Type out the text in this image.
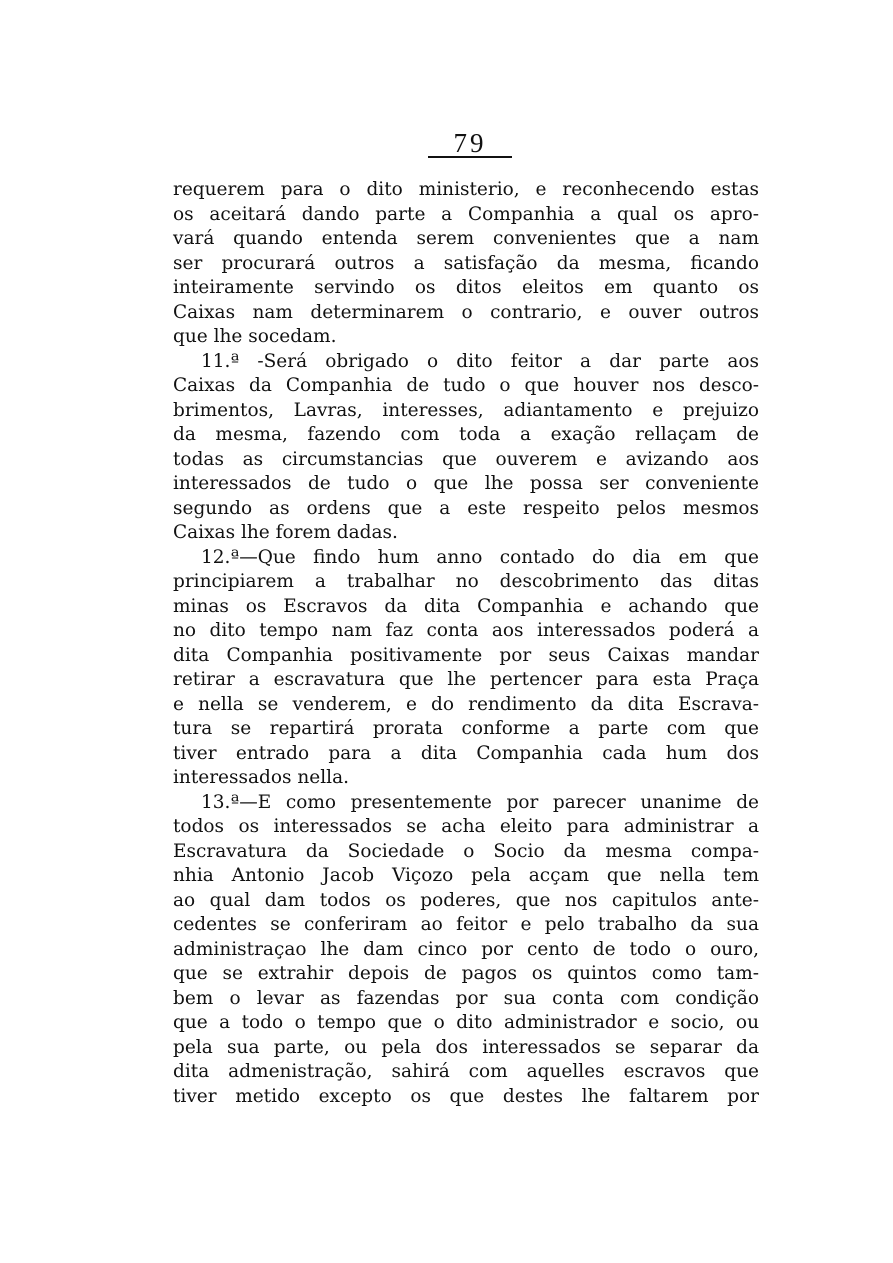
79
requerem para o dito ministerio, e reconhecendo estas
os aceitará dando parte a Companhia a qual os apro-
vará quando entenda serem convenientes que a nam
ser procurará outros a satisfação da mesma, ficando
inteiramente servindo os ditos eleitos em quanto os
Caixas nam determinarem o contrario, e ouver outros
que lhe socedam.
11.ª -Será obrigado o dito feitor a dar parte aos
Caixas da Companhia de tudo o que houver nos desco-
brimentos, Lavras, interesses, adiantamento e prejuizo
da mesma, fazendo com toda a exação rellaçam de
todas as circumstancias que ouverem e avizando aos
interessados de tudo o que lhe possa ser conveniente
segundo as ordens que a este respeito pelos mesmos
Caixas lhe forem dadas.
12.ª—Que findo hum anno contado do dia em que
principiarem a trabalhar no descobrimento das ditas
minas os Escravos da dita Companhia e achando que
no dito tempo nam faz conta aos interessados poderá a
dita Companhia positivamente por seus Caixas mandar
retirar a escravatura que lhe pertencer para esta Praça
e nella se venderem, e do rendimento da dita Escrava-
tura se repartirá prorata conforme a parte com que
tiver entrado para a dita Companhia cada hum dos
interessados nella.
13.ª—E como presentemente por parecer unanime de
todos os interessados se acha eleito para administrar a
Escravatura da Sociedade o Socio da mesma compa-
nhia Antonio Jacob Viçozo pela acçam que nella tem
ao qual dam todos os poderes, que nos capitulos ante-
cedentes se conferiram ao feitor e pelo trabalho da sua
administraçao lhe dam cinco por cento de todo o ouro,
que se extrahir depois de pagos os quintos como tam-
bem o levar as fazendas por sua conta com condição
que a todo o tempo que o dito administrador e socio, ou
pela sua parte, ou pela dos interessados se separar da
dita admenistração, sahirá com aquelles escravos que
tiver metido excepto os que destes lhe faltarem por
